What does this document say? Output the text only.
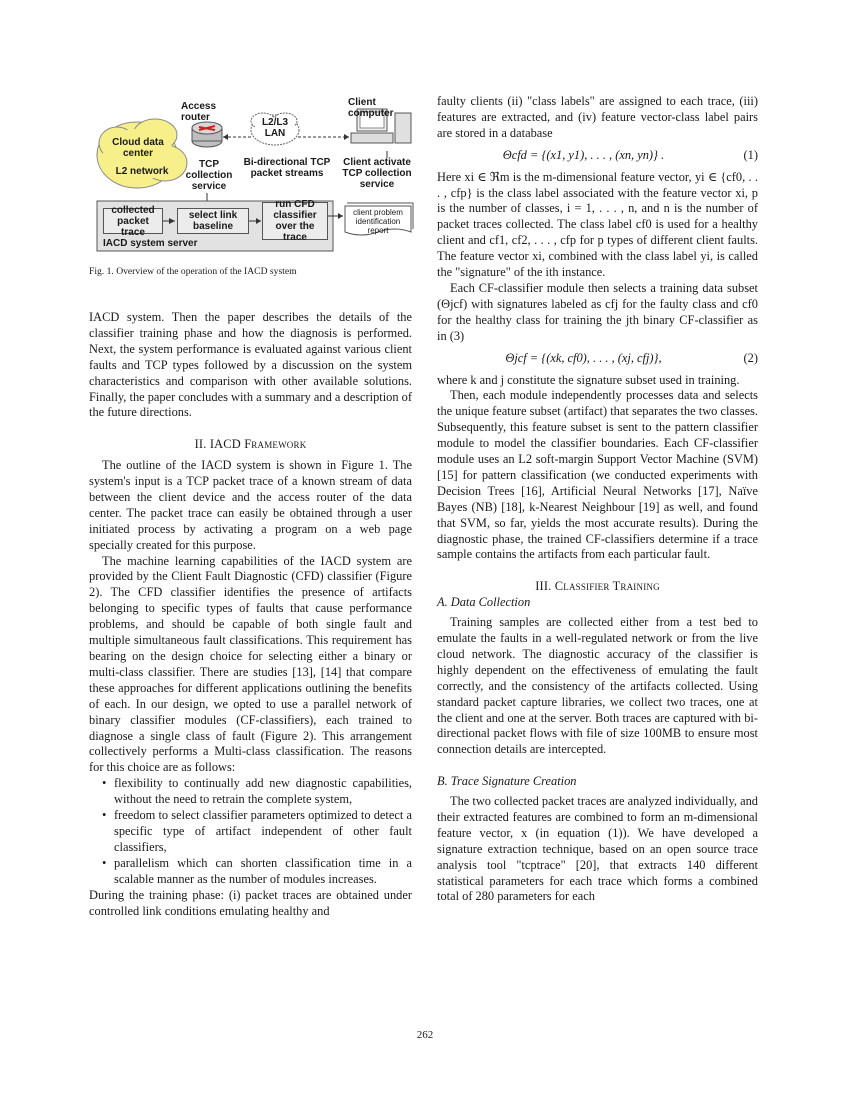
Access router
Client computer
Cloud data center
L2 network
L2/L3 LAN
TCP collection service
Bi-directional TCP packet streams
Client activate TCP collection service
collected packet trace
select link baseline
run CFD classifier over the trace
client problem identification report
IACD system server
Fig. 1. Overview of the operation of the IACD system

IACD system. Then the paper describes the details of the classifier training phase and how the diagnosis is performed. Next, the system performance is evaluated against various client faults and TCP types followed by a discussion on the system characteristics and comparison with other available solutions. Finally, the paper concludes with a summary and a description of the future directions.

II. IACD Framework

The outline of the IACD system is shown in Figure 1. The system's input is a TCP packet trace of a known stream of data between the client device and the access router of the data center. The packet trace can easily be obtained through a user initiated process by activating a program on a web page specially created for this purpose.

The machine learning capabilities of the IACD system are provided by the Client Fault Diagnostic (CFD) classifier (Figure 2). The CFD classifier identifies the presence of artifacts belonging to specific types of faults that cause performance problems, and should be capable of both single fault and multiple simultaneous fault classifications. This requirement has bearing on the design choice for selecting either a binary or multi-class classifier. There are studies [13], [14] that compare these approaches for different applications outlining the benefits of each. In our design, we opted to use a parallel network of binary classifier modules (CF-classifiers), each trained to diagnose a single class of fault (Figure 2). This arrangement collectively performs a Multi-class classification. The reasons for this choice are as follows:

• flexibility to continually add new diagnostic capabilities, without the need to retrain the complete system,
• freedom to select classifier parameters optimized to detect a specific type of artifact independent of other fault classifiers,
• parallelism which can shorten classification time in a scalable manner as the number of modules increases.

During the training phase: (i) packet traces are obtained under controlled link conditions emulating healthy and

faulty clients (ii) "class labels" are assigned to each trace, (iii) features are extracted, and (iv) feature vector-class label pairs are stored in a database

Θcfd = {(x1, y1), . . . , (xn, yn)} .	(1)

Here xi ∈ ℜm is the m-dimensional feature vector, yi ∈ {cf0, . . . , cfp} is the class label associated with the feature vector xi, p is the number of classes, i = 1, . . . , n, and n is the number of packet traces collected. The class label cf0 is used for a healthy client and cf1, cf2, . . . , cfp for p types of different client faults. The feature vector xi, combined with the class label yi, is called the "signature" of the ith instance.

Each CF-classifier module then selects a training data subset (Θjcf) with signatures labeled as cfj for the faulty class and cf0 for the healthy class for training the jth binary CF-classifier as in (3)

Θjcf = {(xk, cf0), . . . , (xj, cfj)},	(2)

where k and j constitute the signature subset used in training.

Then, each module independently processes data and selects the unique feature subset (artifact) that separates the two classes. Subsequently, this feature subset is sent to the pattern classifier module to model the classifier boundaries. Each CF-classifier module uses an L2 soft-margin Support Vector Machine (SVM) [15] for pattern classification (we conducted experiments with Decision Trees [16], Artificial Neural Networks [17], Naïve Bayes (NB) [18], k-Nearest Neighbour [19] as well, and found that SVM, so far, yields the most accurate results). During the diagnostic phase, the trained CF-classifiers determine if a trace sample contains the artifacts from each particular fault.

III. Classifier Training

A. Data Collection

Training samples are collected either from a test bed to emulate the faults in a well-regulated network or from the live cloud network. The diagnostic accuracy of the classifier is highly dependent on the effectiveness of emulating the fault correctly, and the consistency of the artifacts collected. Using standard packet capture libraries, we collect two traces, one at the client and one at the server. Both traces are captured with bi-directional packet flows with file of size 100MB to ensure most connection details are intercepted.

B. Trace Signature Creation

The two collected packet traces are analyzed individually, and their extracted features are combined to form an m-dimensional feature vector, x (in equation (1)). We have developed a signature extraction technique, based on an open source trace analysis tool "tcptrace" [20], that extracts 140 different statistical parameters for each trace which forms a combined total of 280 parameters for each

262
